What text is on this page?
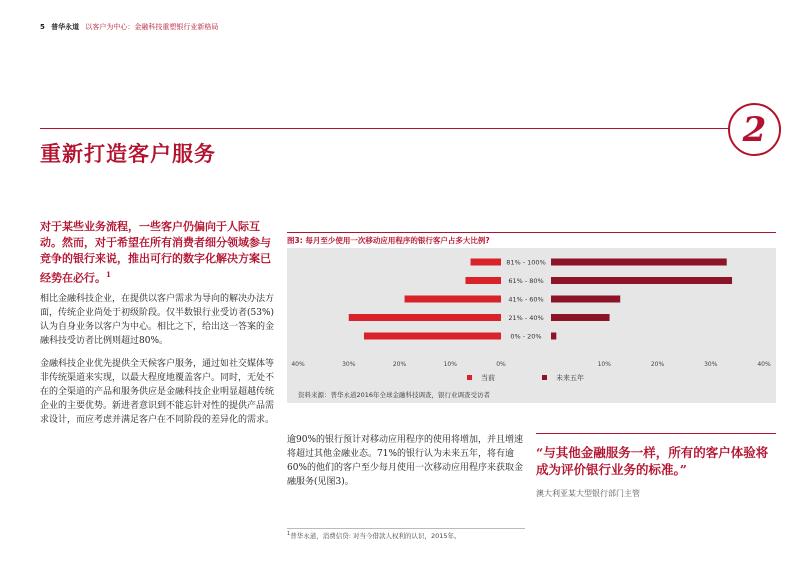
5 普华永道 以客户为中心：金融科技重塑银行业新格局
2
重新打造客户服务
对于某些业务流程，一些客户仍偏向于人际互动。然而，对于希望在所有消费者细分领域参与竞争的银行来说，推出可行的数字化解决方案已经势在必行。$^1$
相比金融科技企业，在提供以客户需求为导向的解决办法方面，传统企业尚处于初级阶段。仅半数银行业受访者(53%)认为自身业务以客户为中心。相比之下，给出这一答案的金融科技受访者比例则超过80%。
金融科技企业优先提供全天候客户服务，通过如社交媒体等非传统渠道来实现，以最大程度地覆盖客户。同时，无处不在的全渠道的产品和服务供应是金融科技企业明显超越传统企业的主要优势。新进者意识到不能忘针对性的提供产品需求设计，而应考虑并满足客户在不同阶段的差异化的需求。
图3: 每月至少使用一次移动应用程序的银行客户占多大比例?
81% - 100%
61% - 80%
41% - 60%
21% - 40%
0% - 20%
40%	30%	20%	10%	0%	10%	20%	30%	40%
当前	未来五年
资料来源：普华永道2016年全球金融科技调查，银行业调查受访者
逾90%的银行预计对移动应用程序的使用将增加，并且增速将超过其他金融业态。71%的银行认为未来五年，将有逾60%的他们的客户至少每月使用一次移动应用程序来获取金融服务(见图3)。
“与其他金融服务一样，所有的客户体验将成为评价银行业务的标准。”
澳大利亚某大型银行部门主管
$^1$普华永道，消费信贷: 对当今借款人权利的认识，2015年。
